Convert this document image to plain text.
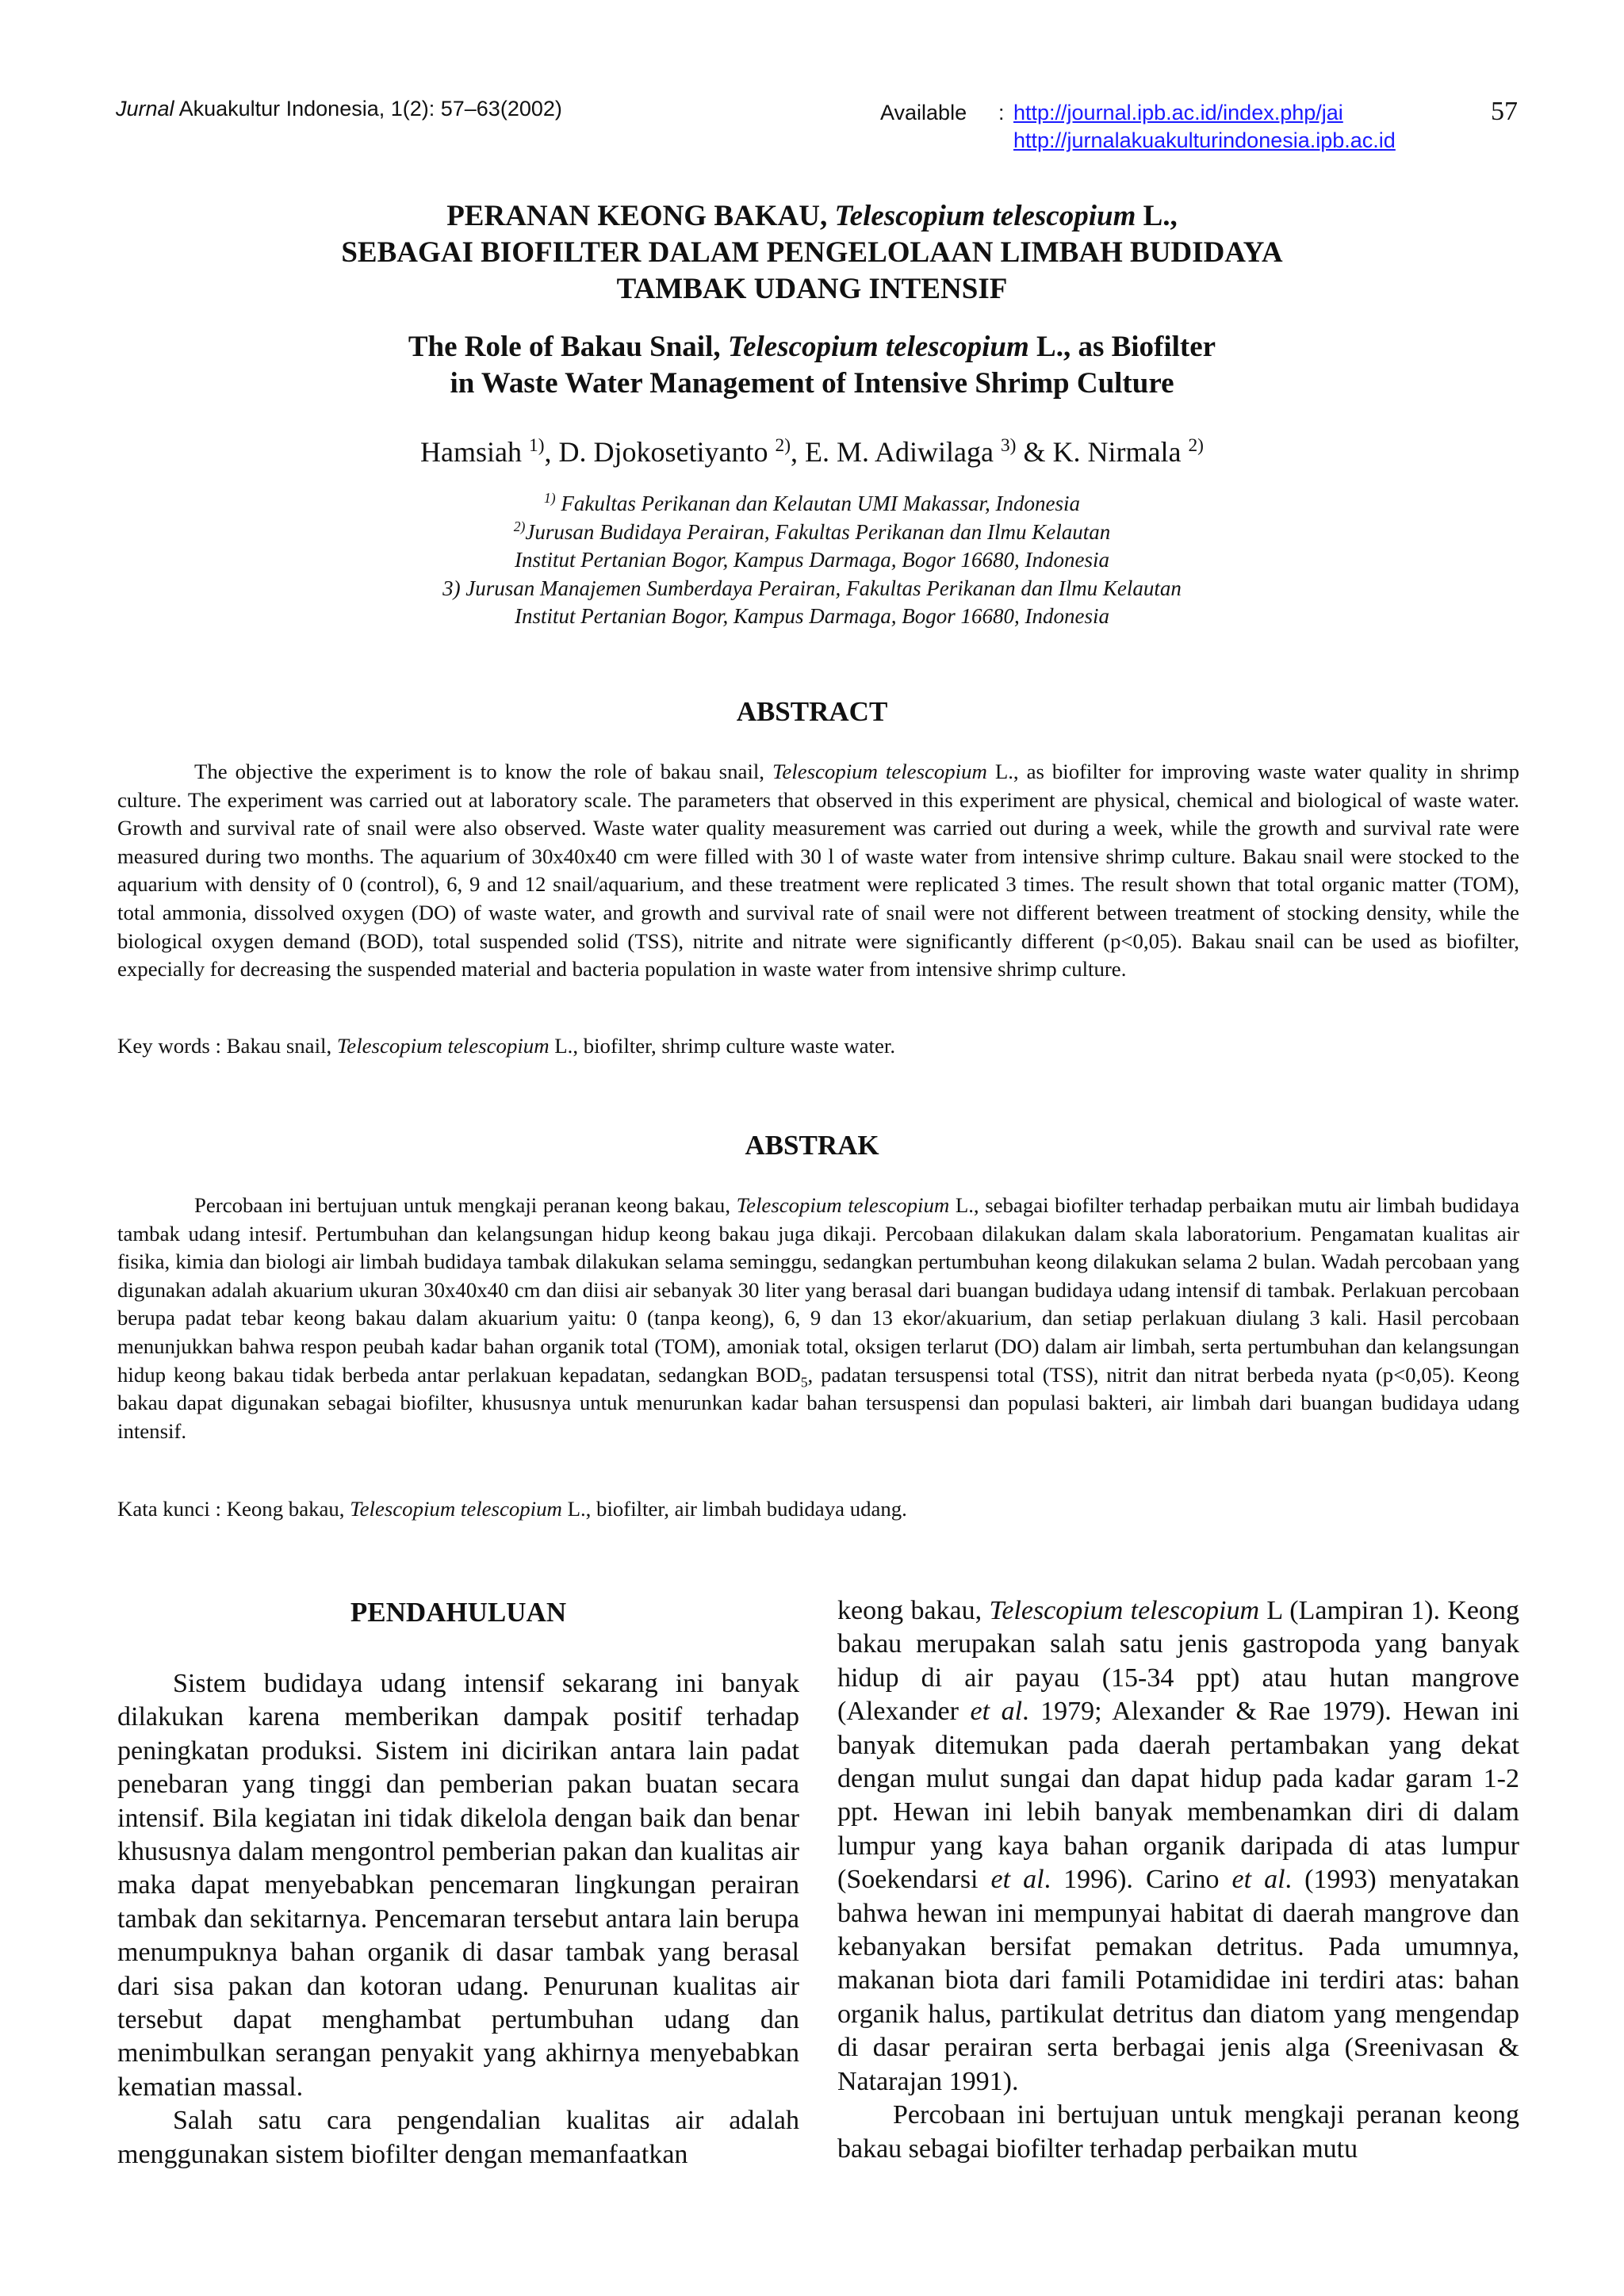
Jurnal Akuakultur Indonesia, 1(2): 57–63(2002)	Available : http://journal.ipb.ac.id/index.php/jai
http://jurnalakuakulturindonesia.ipb.ac.id
57
PERANAN KEONG BAKAU, Telescopium telescopium L.,
SEBAGAI BIOFILTER DALAM PENGELOLAAN LIMBAH BUDIDAYA
TAMBAK UDANG INTENSIF
The Role of Bakau Snail, Telescopium telescopium L., as Biofilter
in Waste Water Management of Intensive Shrimp Culture
Hamsiah $^{1)}$, D. Djokosetiyanto $^{2)}$, E. M. Adiwilaga $^{3)}$ & K. Nirmala $^{2)}$
$^{1)}$ Fakultas Perikanan dan Kelautan UMI Makassar, Indonesia
$^{2)}$Jurusan Budidaya Perairan, Fakultas Perikanan dan Ilmu Kelautan
Institut Pertanian Bogor, Kampus Darmaga, Bogor 16680, Indonesia
3) Jurusan Manajemen Sumberdaya Perairan, Fakultas Perikanan dan Ilmu Kelautan
Institut Pertanian Bogor, Kampus Darmaga, Bogor 16680, Indonesia
ABSTRACT
The objective the experiment is to know the role of bakau snail, Telescopium telescopium L., as biofilter for improving waste water quality in shrimp culture. The experiment was carried out at laboratory scale. The parameters that observed in this experiment are physical, chemical and biological of waste water. Growth and survival rate of snail were also observed. Waste water quality measurement was carried out during a week, while the growth and survival rate were measured during two months. The aquarium of 30x40x40 cm were filled with 30 l of waste water from intensive shrimp culture. Bakau snail were stocked to the aquarium with density of 0 (control), 6, 9 and 12 snail/aquarium, and these treatment were replicated 3 times. The result shown that total organic matter (TOM), total ammonia, dissolved oxygen (DO) of waste water, and growth and survival rate of snail were not different between treatment of stocking density, while the biological oxygen demand (BOD), total suspended solid (TSS), nitrite and nitrate were significantly different (p<0,05). Bakau snail can be used as biofilter, expecially for decreasing the suspended material and bacteria population in waste water from intensive shrimp culture.
Key words : Bakau snail, Telescopium telescopium L., biofilter, shrimp culture waste water.
ABSTRAK
Percobaan ini bertujuan untuk mengkaji peranan keong bakau, Telescopium telescopium L., sebagai biofilter terhadap perbaikan mutu air limbah budidaya tambak udang intesif. Pertumbuhan dan kelangsungan hidup keong bakau juga dikaji. Percobaan dilakukan dalam skala laboratorium. Pengamatan kualitas air fisika, kimia dan biologi air limbah budidaya tambak dilakukan selama seminggu, sedangkan pertumbuhan keong dilakukan selama 2 bulan. Wadah percobaan yang digunakan adalah akuarium ukuran 30x40x40 cm dan diisi air sebanyak 30 liter yang berasal dari buangan budidaya udang intensif di tambak. Perlakuan percobaan berupa padat tebar keong bakau dalam akuarium yaitu: 0 (tanpa keong), 6, 9 dan 13 ekor/akuarium, dan setiap perlakuan diulang 3 kali. Hasil percobaan menunjukkan bahwa respon peubah kadar bahan organik total (TOM), amoniak total, oksigen terlarut (DO) dalam air limbah, serta pertumbuhan dan kelangsungan hidup keong bakau tidak berbeda antar perlakuan kepadatan, sedangkan $BOD_5$, padatan tersuspensi total (TSS), nitrit dan nitrat berbeda nyata (p<0,05). Keong bakau dapat digunakan sebagai biofilter, khususnya untuk menurunkan kadar bahan tersuspensi dan populasi bakteri, air limbah dari buangan budidaya udang intensif.
Kata kunci : Keong bakau, Telescopium telescopium L., biofilter, air limbah budidaya udang.
PENDAHULUAN

Sistem budidaya udang intensif sekarang ini banyak dilakukan karena memberikan dampak positif terhadap peningkatan produksi. Sistem ini dicirikan antara lain padat penebaran yang tinggi dan pemberian pakan buatan secara intensif. Bila kegiatan ini tidak dikelola dengan baik dan benar khususnya dalam mengontrol pemberian pakan dan kualitas air maka dapat menyebabkan pencemaran lingkungan perairan tambak dan sekitarnya. Pencemaran tersebut antara lain berupa menumpuknya bahan organik di dasar tambak yang berasal dari sisa pakan dan kotoran udang. Penurunan kualitas air tersebut dapat menghambat pertumbuhan udang dan menimbulkan serangan penyakit yang akhirnya menyebabkan kematian massal.

Salah satu cara pengendalian kualitas air adalah menggunakan sistem biofilter dengan memanfaatkan

keong bakau, Telescopium telescopium L (Lampiran 1). Keong bakau merupakan salah satu jenis gastropoda yang banyak hidup di air payau (15-34 ppt) atau hutan mangrove (Alexander et al. 1979; Alexander & Rae 1979). Hewan ini banyak ditemukan pada daerah pertambakan yang dekat dengan mulut sungai dan dapat hidup pada kadar garam 1-2 ppt. Hewan ini lebih banyak membenamkan diri di dalam lumpur yang kaya bahan organik daripada di atas lumpur (Soekendarsi et al. 1996). Carino et al. (1993) menyatakan bahwa hewan ini mempunyai habitat di daerah mangrove dan kebanyakan bersifat pemakan detritus. Pada umumnya, makanan biota dari famili Potamididae ini terdiri atas: bahan organik halus, partikulat detritus dan diatom yang mengendap di dasar perairan serta berbagai jenis alga (Sreenivasan & Natarajan 1991).

Percobaan ini bertujuan untuk mengkaji peranan keong bakau sebagai biofilter terhadap perbaikan mutu
